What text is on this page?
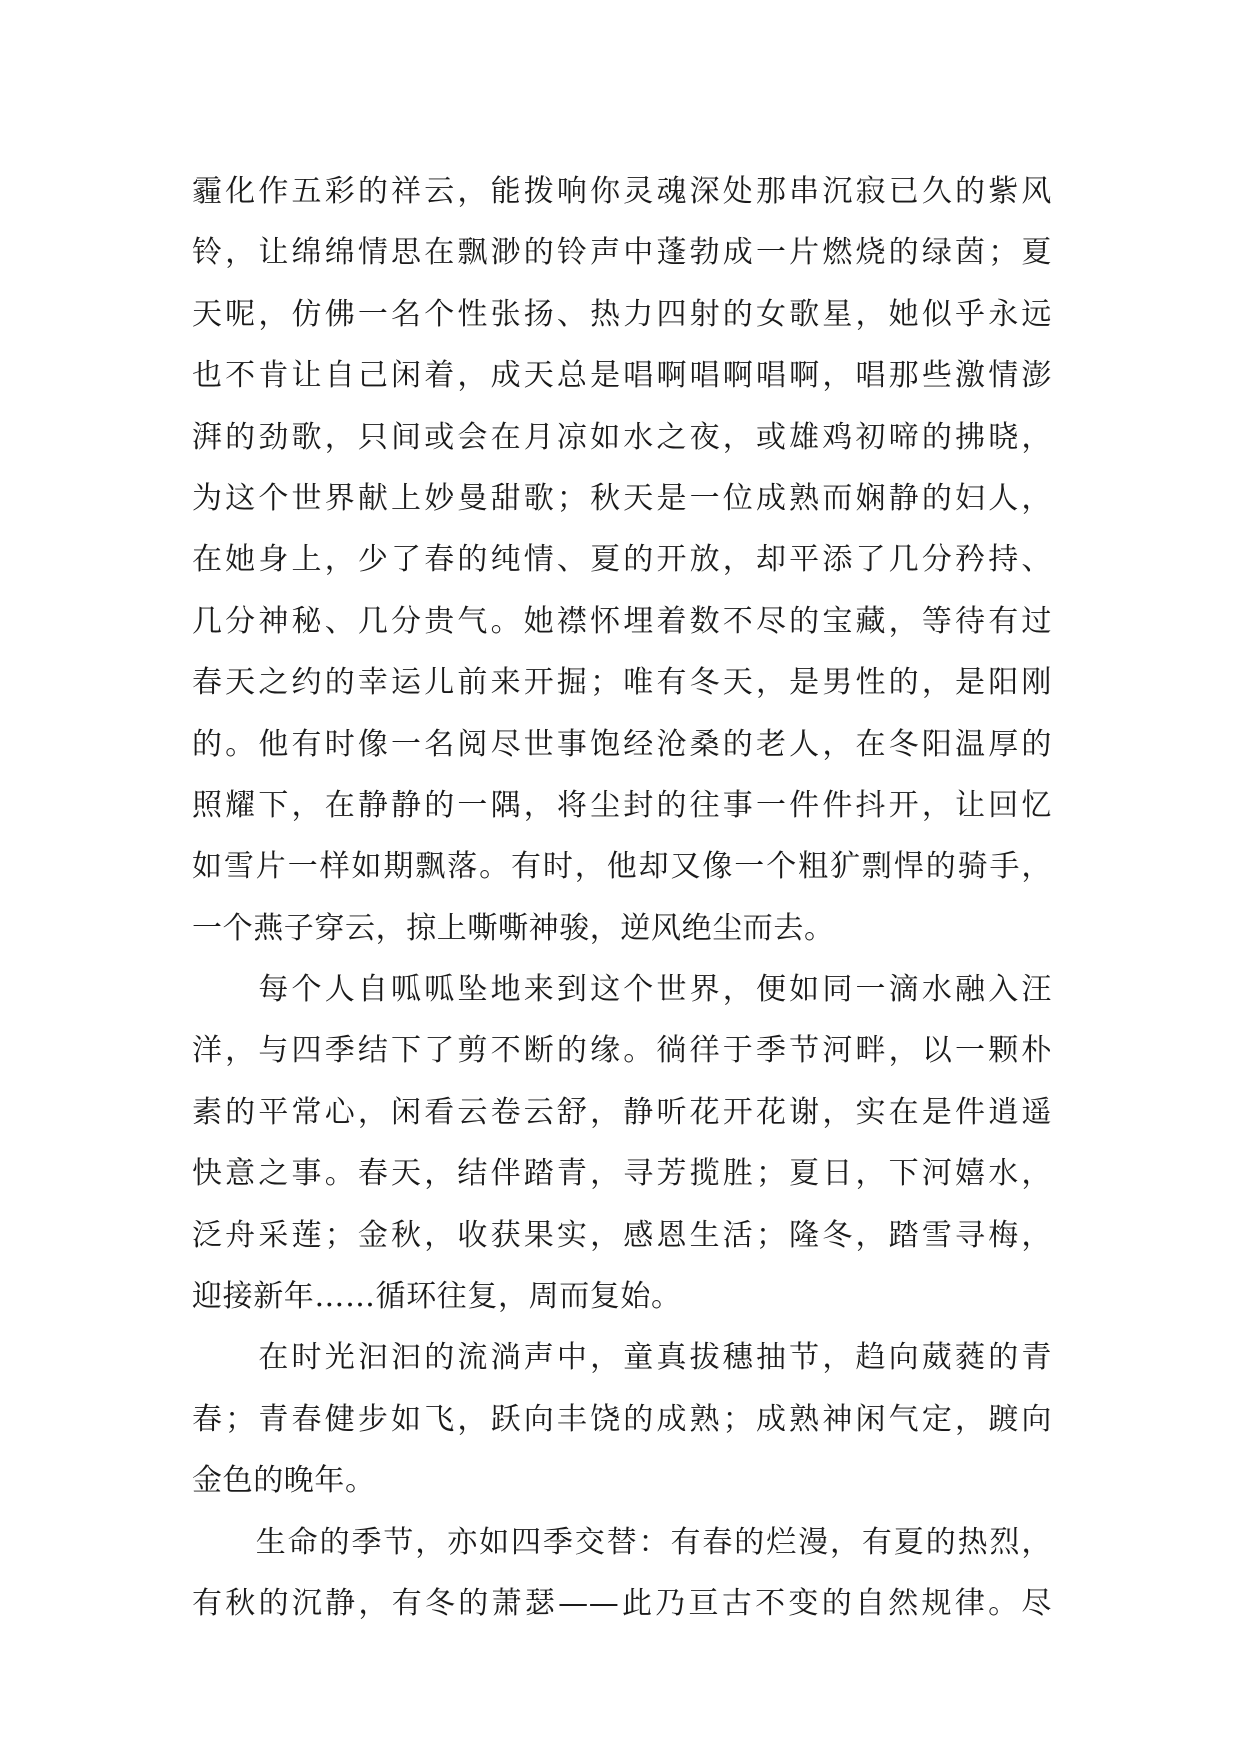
霾化作五彩的祥云，能拨响你灵魂深处那串沉寂已久的紫风
铃，让绵绵情思在飘渺的铃声中蓬勃成一片燃烧的绿茵；夏
天呢，仿佛一名个性张扬、热力四射的女歌星，她似乎永远
也不肯让自己闲着，成天总是唱啊唱啊唱啊，唱那些激情澎
湃的劲歌，只间或会在月凉如水之夜，或雄鸡初啼的拂晓，
为这个世界献上妙曼甜歌；秋天是一位成熟而娴静的妇人，
在她身上，少了春的纯情、夏的开放，却平添了几分矜持、
几分神秘、几分贵气。她襟怀埋着数不尽的宝藏，等待有过
春天之约的幸运儿前来开掘；唯有冬天，是男性的，是阳刚
的。他有时像一名阅尽世事饱经沧桑的老人，在冬阳温厚的
照耀下，在静静的一隅，将尘封的往事一件件抖开，让回忆
如雪片一样如期飘落。有时，他却又像一个粗犷剽悍的骑手，
一个燕子穿云，掠上嘶嘶神骏，逆风绝尘而去。
　　每个人自呱呱坠地来到这个世界，便如同一滴水融入汪
洋，与四季结下了剪不断的缘。徜徉于季节河畔，以一颗朴
素的平常心，闲看云卷云舒，静听花开花谢，实在是件逍遥
快意之事。春天，结伴踏青，寻芳揽胜；夏日，下河嬉水，
泛舟采莲；金秋，收获果实，感恩生活；隆冬，踏雪寻梅，
迎接新年……循环往复，周而复始。
　　在时光汩汩的流淌声中，童真拔穗抽节，趋向葳蕤的青
春；青春健步如飞，跃向丰饶的成熟；成熟神闲气定，踱向
金色的晚年。
　　生命的季节，亦如四季交替：有春的烂漫，有夏的热烈，
有秋的沉静，有冬的萧瑟——此乃亘古不变的自然规律。尽
